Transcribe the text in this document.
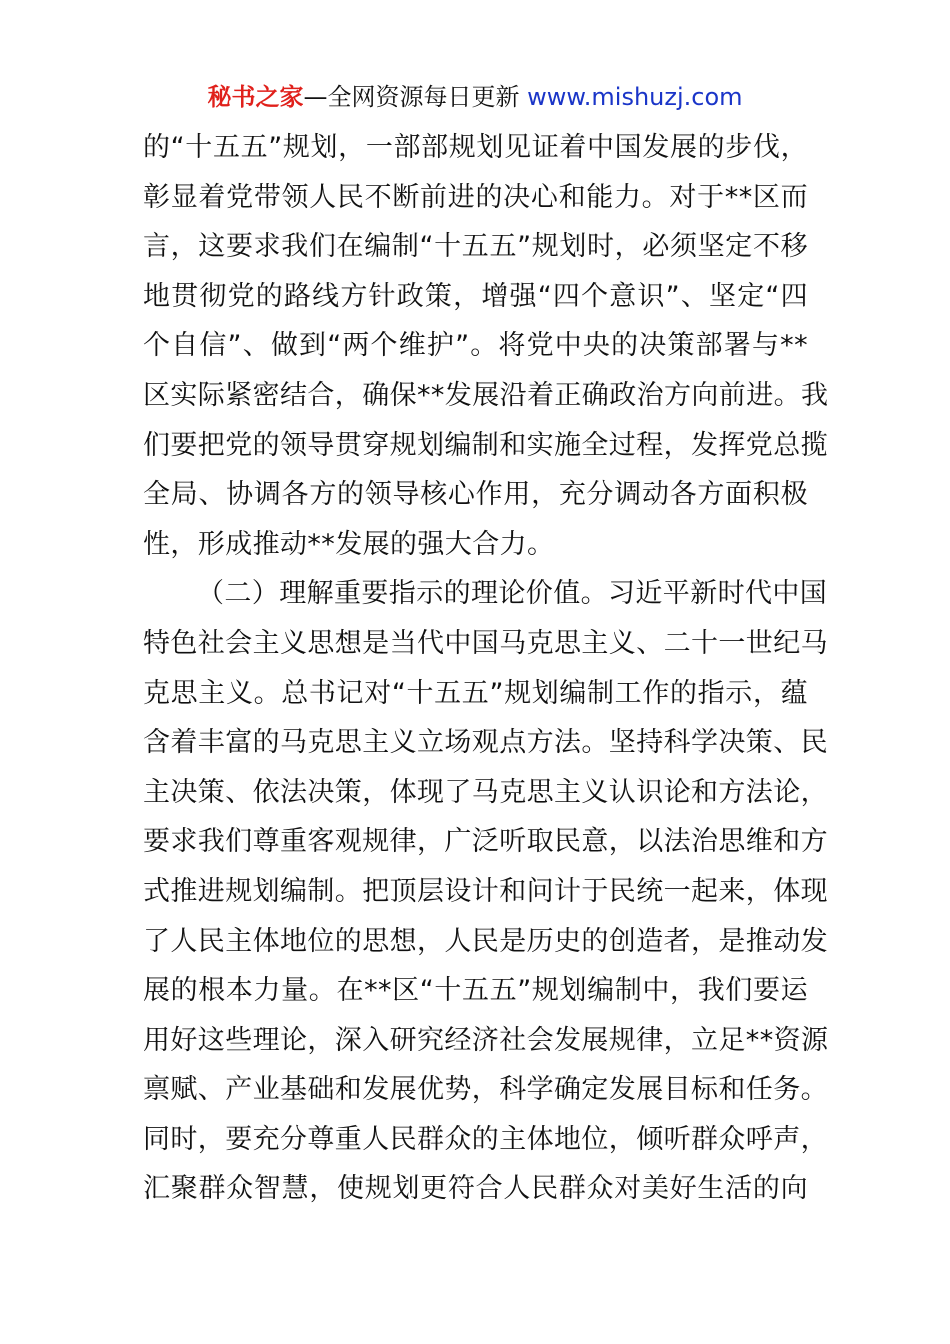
秘书之家—全网资源每日更新 www.mishuzj.com
的“十五五”规划，一部部规划见证着中国发展的步伐，
彰显着党带领人民不断前进的决心和能力。对于**区而
言，这要求我们在编制“十五五”规划时，必须坚定不移
地贯彻党的路线方针政策，增强“四个意识”、坚定“四
个自信”、做到“两个维护”。将党中央的决策部署与**
区实际紧密结合，确保**发展沿着正确政治方向前进。我
们要把党的领导贯穿规划编制和实施全过程，发挥党总揽
全局、协调各方的领导核心作用，充分调动各方面积极
性，形成推动**发展的强大合力。
（二）理解重要指示的理论价值。习近平新时代中国
特色社会主义思想是当代中国马克思主义、二十一世纪马
克思主义。总书记对“十五五”规划编制工作的指示，蕴
含着丰富的马克思主义立场观点方法。坚持科学决策、民
主决策、依法决策，体现了马克思主义认识论和方法论，
要求我们尊重客观规律，广泛听取民意，以法治思维和方
式推进规划编制。把顶层设计和问计于民统一起来，体现
了人民主体地位的思想，人民是历史的创造者，是推动发
展的根本力量。在**区“十五五”规划编制中，我们要运
用好这些理论，深入研究经济社会发展规律，立足**资源
禀赋、产业基础和发展优势，科学确定发展目标和任务。
同时，要充分尊重人民群众的主体地位，倾听群众呼声，
汇聚群众智慧，使规划更符合人民群众对美好生活的向
